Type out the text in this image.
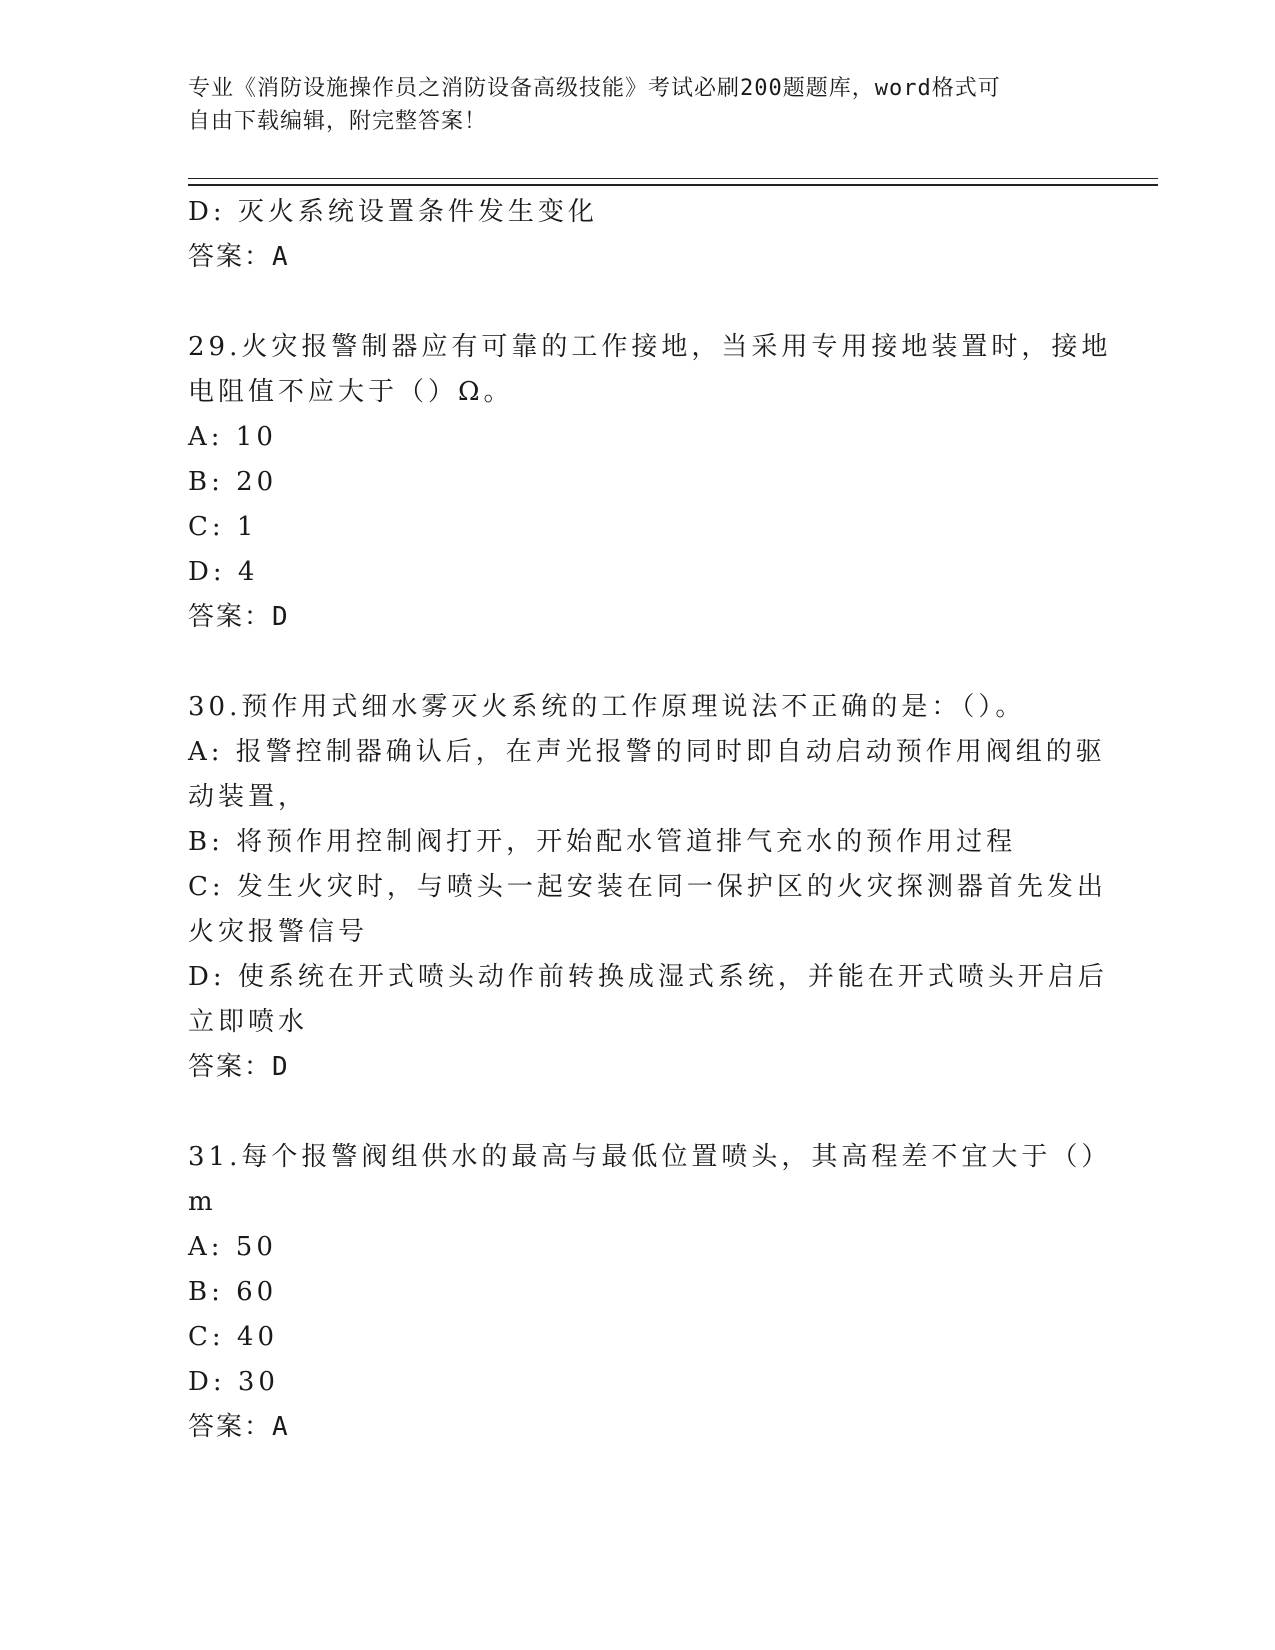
专业《消防设施操作员之消防设备高级技能》考试必刷200题题库，word格式可
自由下载编辑，附完整答案！
D: 灭火系统设置条件发生变化
答案：A
29.火灾报警制器应有可靠的工作接地，当采用专用接地装置时，接地
电阻值不应大于（）Ω。
A: 10
B: 20
C: 1
D: 4
答案：D
30.预作用式细水雾灭火系统的工作原理说法不正确的是：（）。
A: 报警控制器确认后，在声光报警的同时即自动启动预作用阀组的驱
动装置，
B: 将预作用控制阀打开，开始配水管道排气充水的预作用过程
C: 发生火灾时，与喷头一起安装在同一保护区的火灾探测器首先发出
火灾报警信号
D: 使系统在开式喷头动作前转换成湿式系统，并能在开式喷头开启后
立即喷水
答案：D
31.每个报警阀组供水的最高与最低位置喷头，其高程差不宜大于（）
m
A: 50
B: 60
C: 40
D: 30
答案：A
